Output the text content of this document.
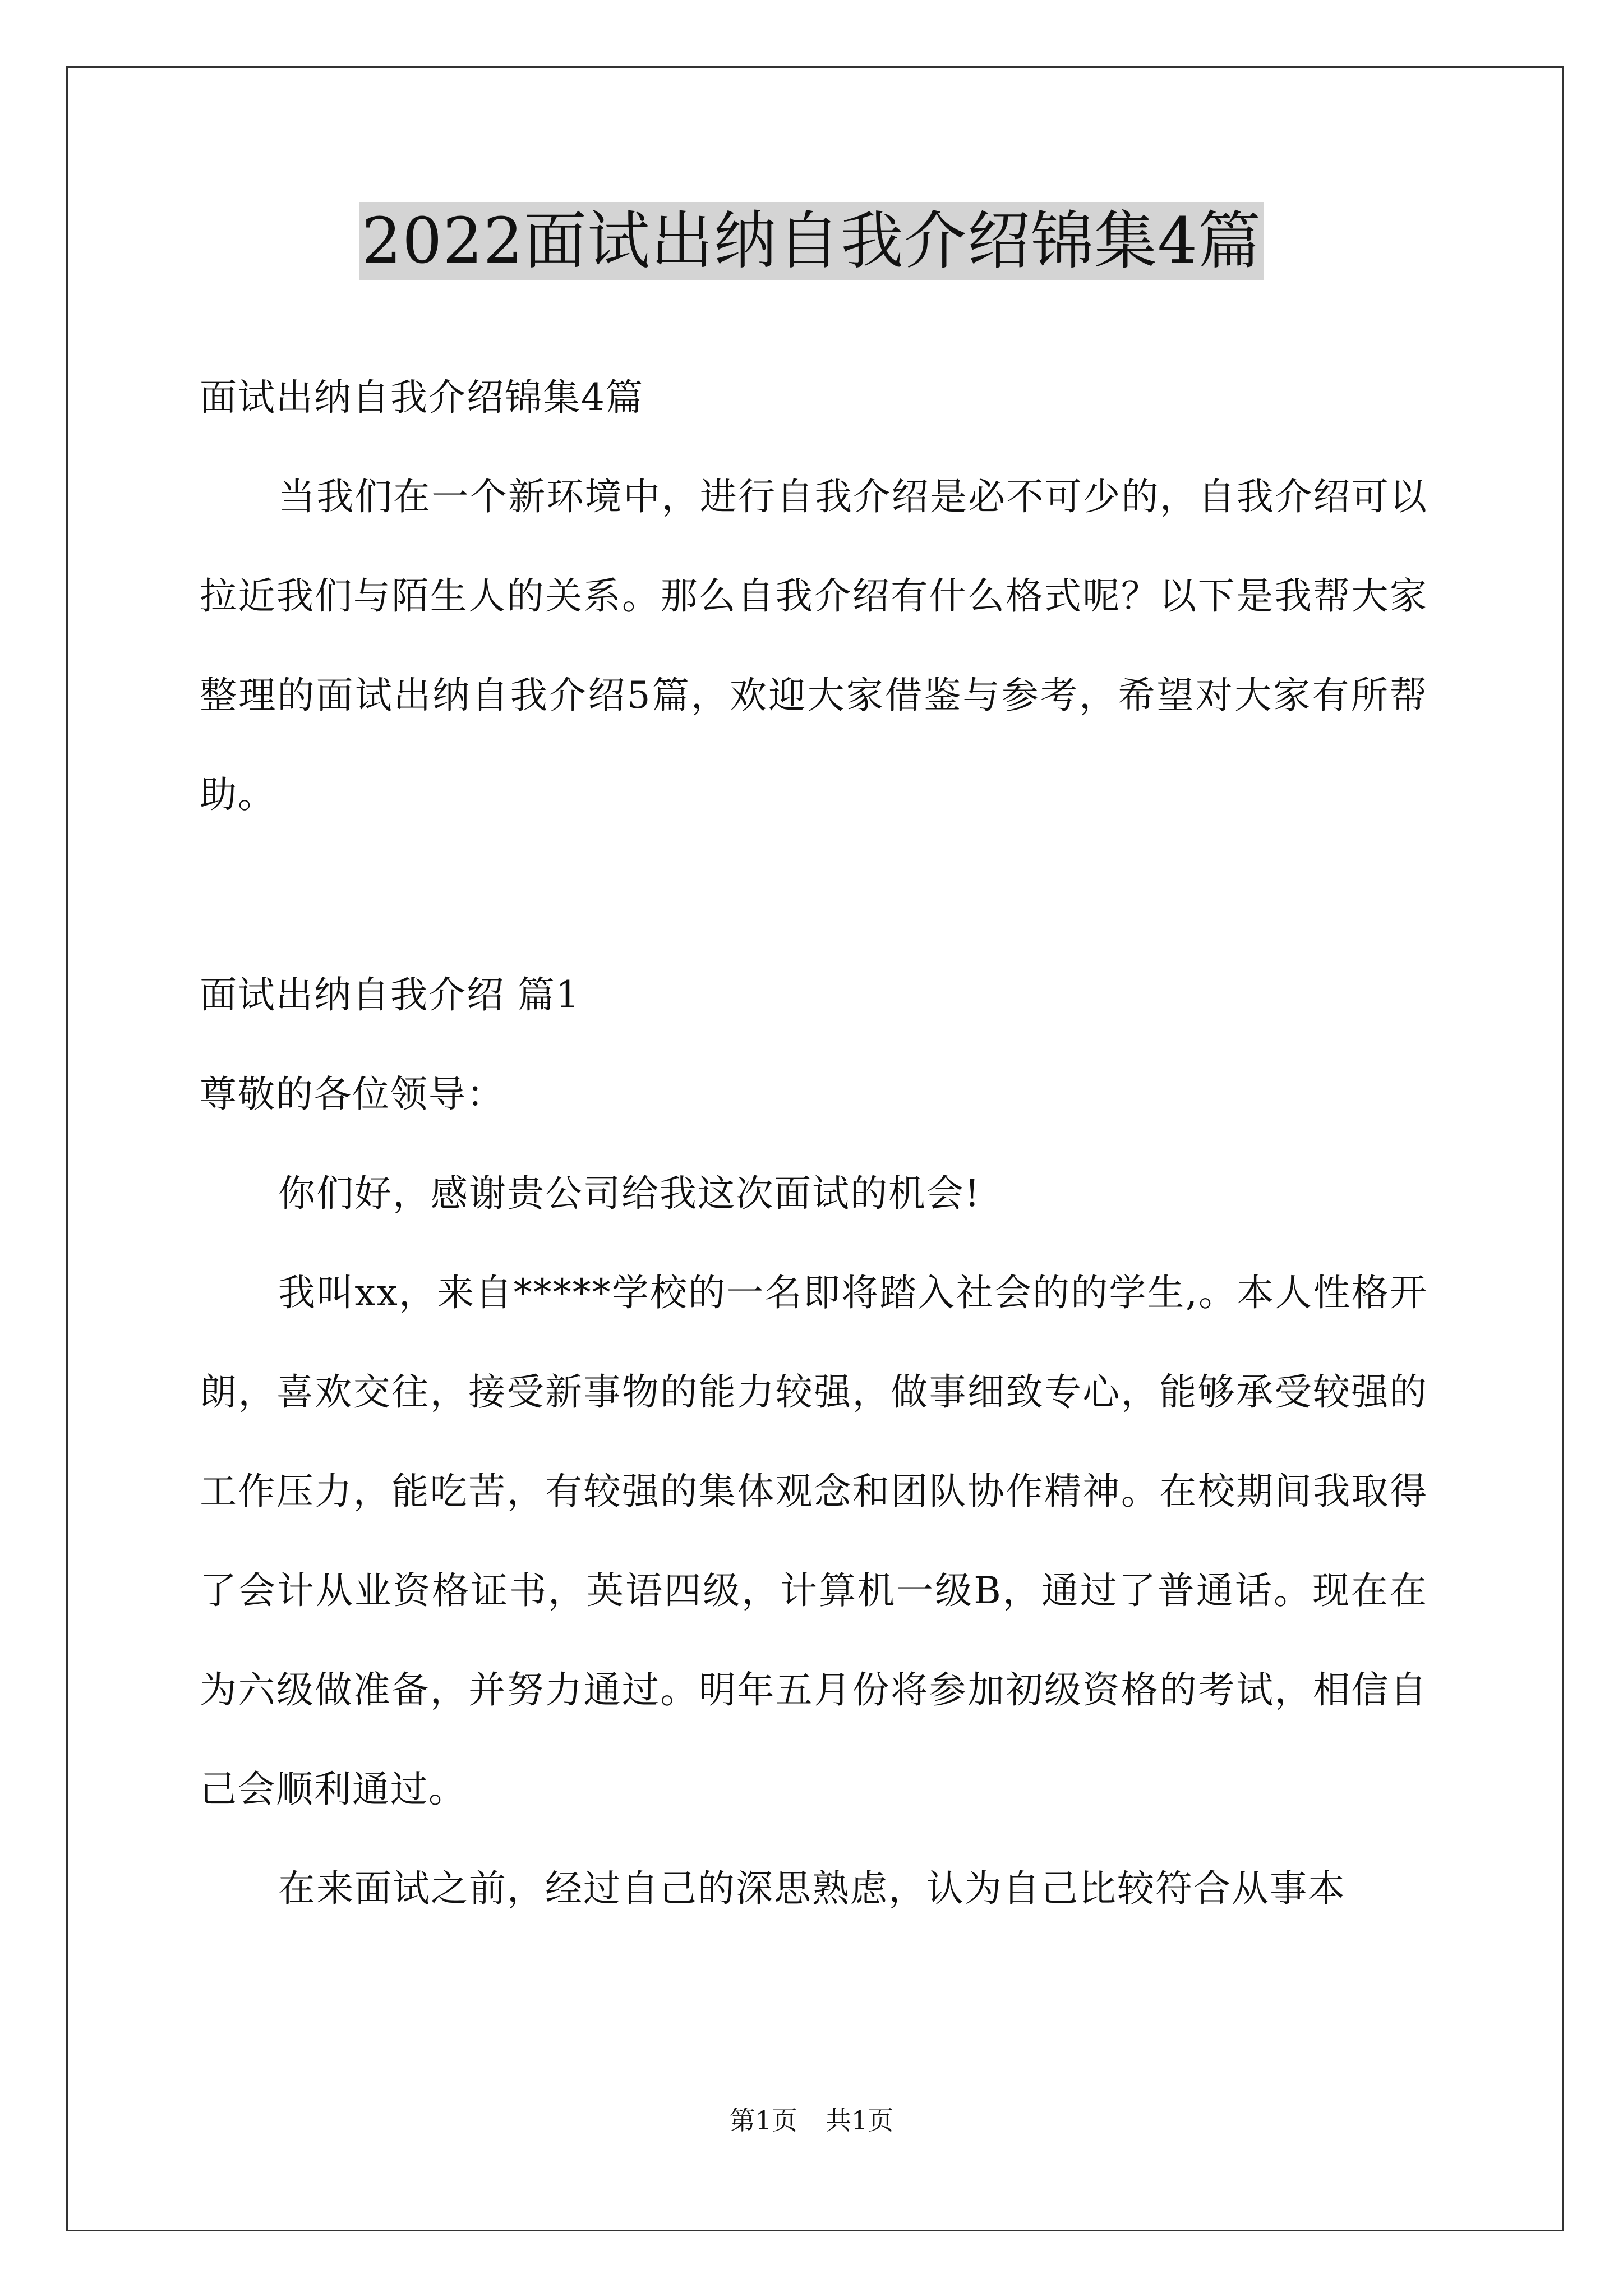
2022面试出纳自我介绍锦集4篇

面试出纳自我介绍锦集4篇

当我们在一个新环境中，进行自我介绍是必不可少的，自我介绍可以拉近我们与陌生人的关系。那么自我介绍有什么格式呢？以下是我帮大家整理的面试出纳自我介绍5篇，欢迎大家借鉴与参考，希望对大家有所帮助。

面试出纳自我介绍 篇1

尊敬的各位领导：

你们好，感谢贵公司给我这次面试的机会!

我叫xx，来自*****学校的一名即将踏入社会的的学生,。本人性格开朗，喜欢交往，接受新事物的能力较强，做事细致专心，能够承受较强的工作压力，能吃苦，有较强的集体观念和团队协作精神。在校期间我取得了会计从业资格证书，英语四级，计算机一级B，通过了普通话。现在在为六级做准备，并努力通过。明年五月份将参加初级资格的考试，相信自己会顺利通过。

在来面试之前，经过自己的深思熟虑，认为自己比较符合从事本

第1页 共1页
